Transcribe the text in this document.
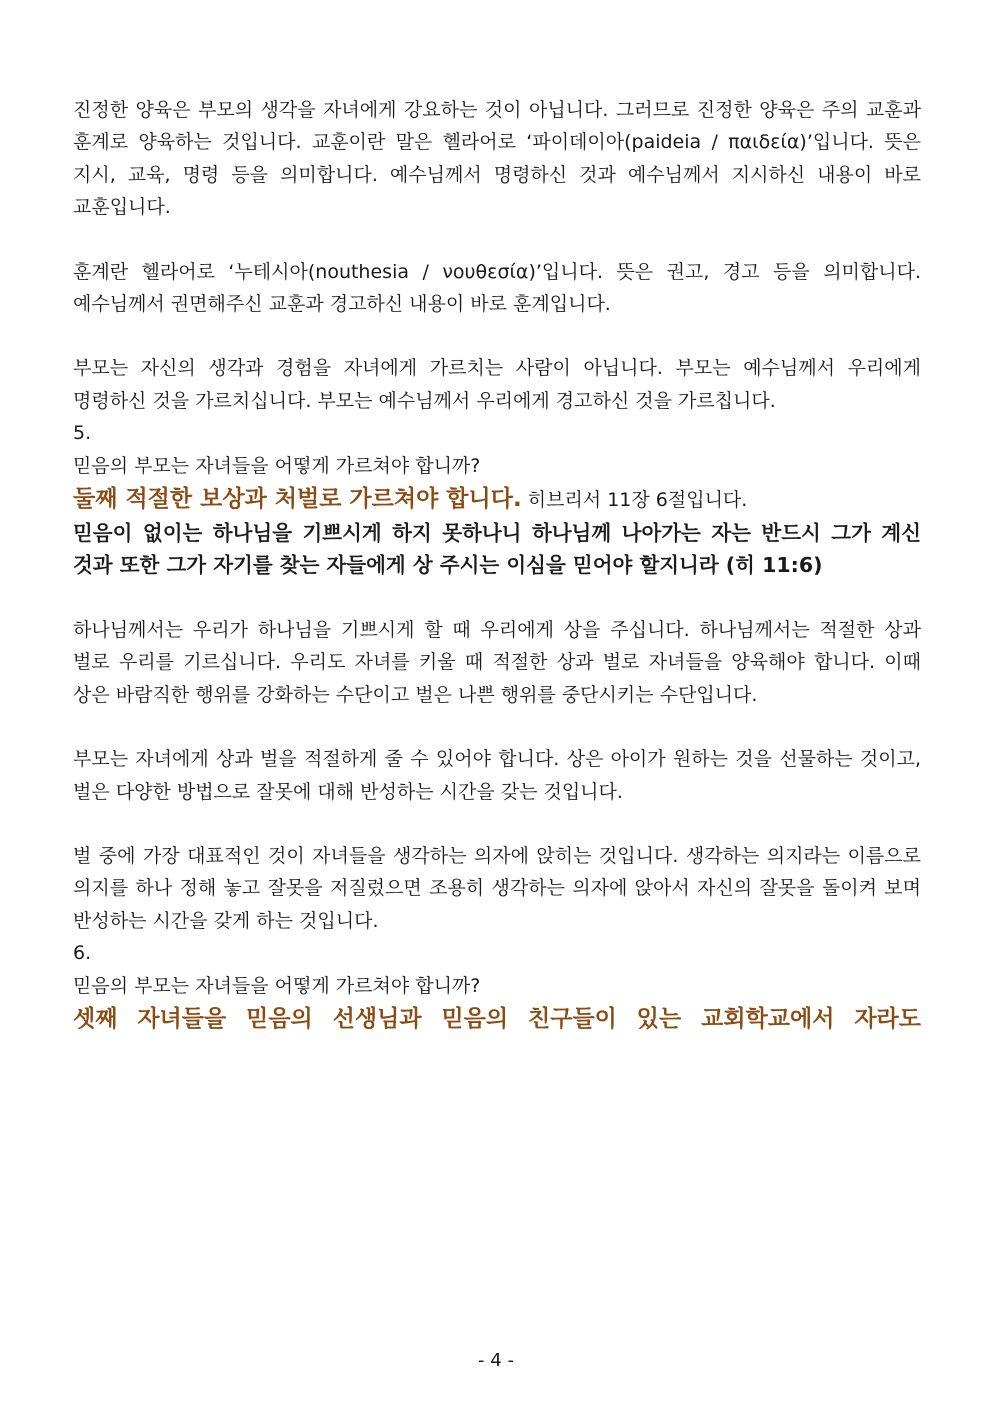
진정한 양육은 부모의 생각을 자녀에게 강요하는 것이 아닙니다. 그러므로 진정한 양육은 주의 교훈과 훈계로 양육하는 것입니다. 교훈이란 말은 헬라어로 ‘파이데이아(paideia / παιδεία)’입니다. 뜻은 지시, 교육, 명령 등을 의미합니다. 예수님께서 명령하신 것과 예수님께서 지시하신 내용이 바로 교훈입니다.

훈계란 헬라어로 ‘누테시아(nouthesia / νουθεσία)’입니다. 뜻은 권고, 경고 등을 의미합니다. 예수님께서 권면해주신 교훈과 경고하신 내용이 바로 훈계입니다.

부모는 자신의 생각과 경험을 자녀에게 가르치는 사람이 아닙니다. 부모는 예수님께서 우리에게 명령하신 것을 가르치십니다. 부모는 예수님께서 우리에게 경고하신 것을 가르칩니다.

5.

믿음의 부모는 자녀들을 어떻게 가르쳐야 합니까?

둘째 적절한 보상과 처벌로 가르쳐야 합니다. 히브리서 11장 6절입니다.

믿음이 없이는 하나님을 기쁘시게 하지 못하나니 하나님께 나아가는 자는 반드시 그가 계신 것과 또한 그가 자기를 찾는 자들에게 상 주시는 이심을 믿어야 할지니라 (히 11:6)

하나님께서는 우리가 하나님을 기쁘시게 할 때 우리에게 상을 주십니다. 하나님께서는 적절한 상과 벌로 우리를 기르십니다. 우리도 자녀를 키울 때 적절한 상과 벌로 자녀들을 양육해야 합니다. 이때 상은 바람직한 행위를 강화하는 수단이고 벌은 나쁜 행위를 중단시키는 수단입니다.

부모는 자녀에게 상과 벌을 적절하게 줄 수 있어야 합니다. 상은 아이가 원하는 것을 선물하는 것이고, 벌은 다양한 방법으로 잘못에 대해 반성하는 시간을 갖는 것입니다.

벌 중에 가장 대표적인 것이 자녀들을 생각하는 의자에 앉히는 것입니다. 생각하는 의지라는 이름으로 의지를 하나 정해 놓고 잘못을 저질렀으면 조용히 생각하는 의자에 앉아서 자신의 잘못을 돌이켜 보며 반성하는 시간을 갖게 하는 것입니다.

6.

믿음의 부모는 자녀들을 어떻게 가르쳐야 합니까?

셋째 자녀들을 믿음의 선생님과 믿음의 친구들이 있는 교회학교에서 자라도

- 4 -
